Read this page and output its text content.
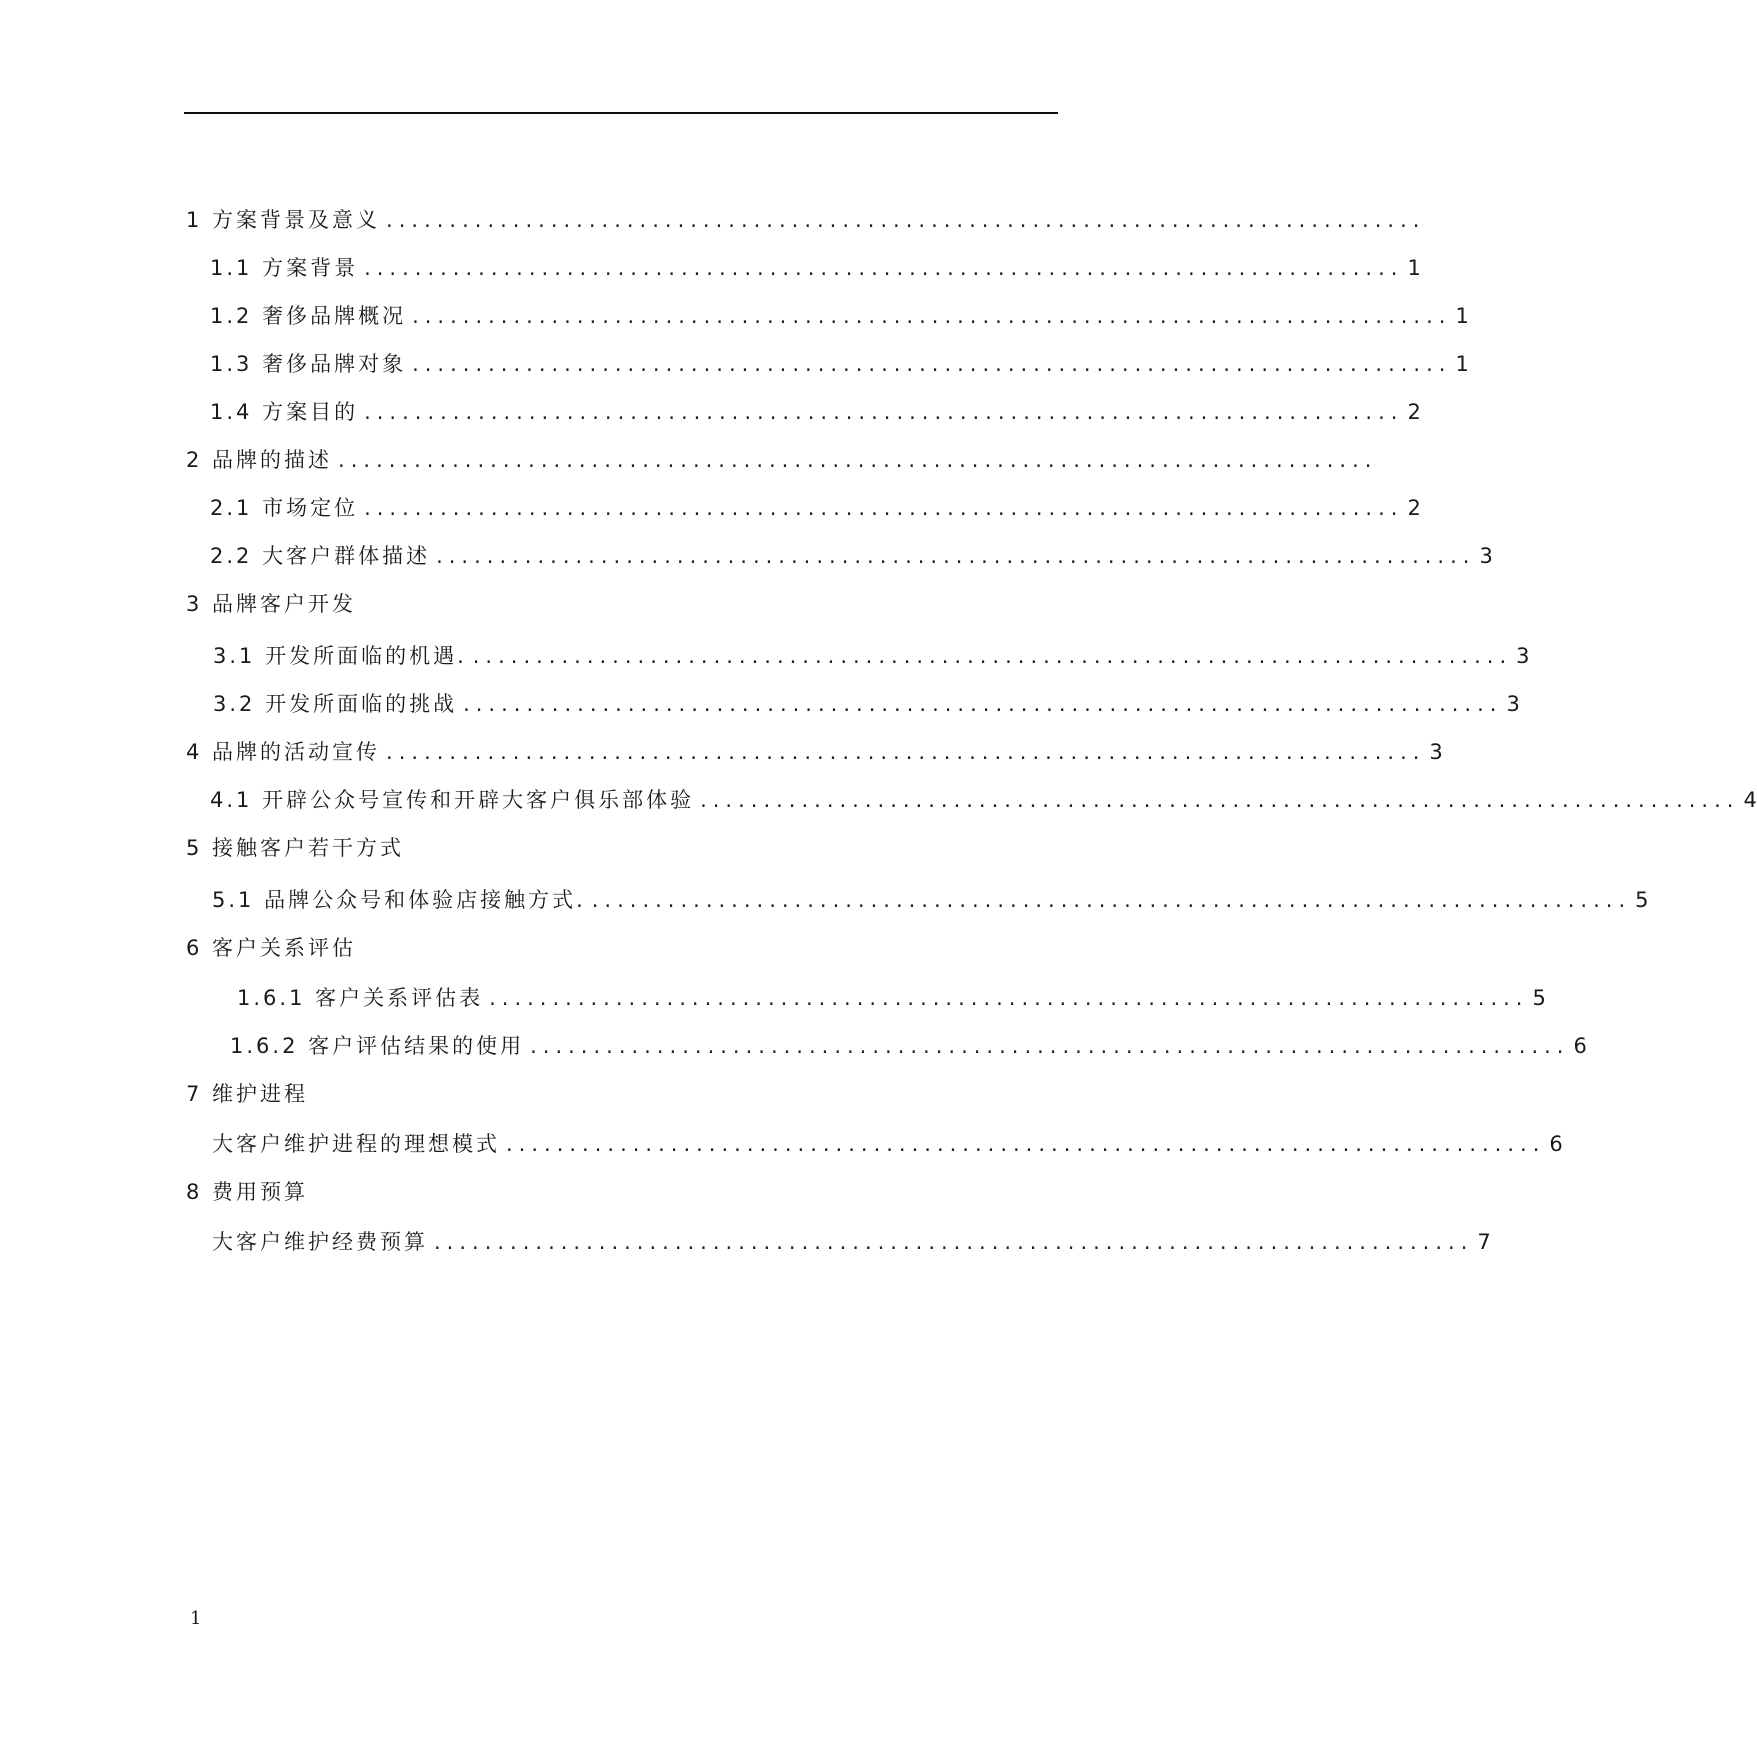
1 方案背景及意义 ..................................................................................
1.1 方案背景 .................................................................................. 1
1.2 奢侈品牌概况 .................................................................................. 1
1.3 奢侈品牌对象 .................................................................................. 1
1.4 方案目的 .................................................................................. 2
2 品牌的描述 ..................................................................................
2.1 市场定位 .................................................................................. 2
2.2 大客户群体描述 .................................................................................. 3
3 品牌客户开发
3.1 开发所面临的机遇. .................................................................................. 3
3.2 开发所面临的挑战 .................................................................................. 3
4 品牌的活动宣传 .................................................................................. 3
4.1 开辟公众号宣传和开辟大客户俱乐部体验 .................................................................................. 4
5 接触客户若干方式
5.1 品牌公众号和体验店接触方式. .................................................................................. 5
6 客户关系评估
1.6.1 客户关系评估表 .................................................................................. 5
1.6.2 客户评估结果的使用 .................................................................................. 6
7 维护进程
大客户维护进程的理想模式 .................................................................................. 6
8 费用预算
大客户维护经费预算 .................................................................................. 7
1
